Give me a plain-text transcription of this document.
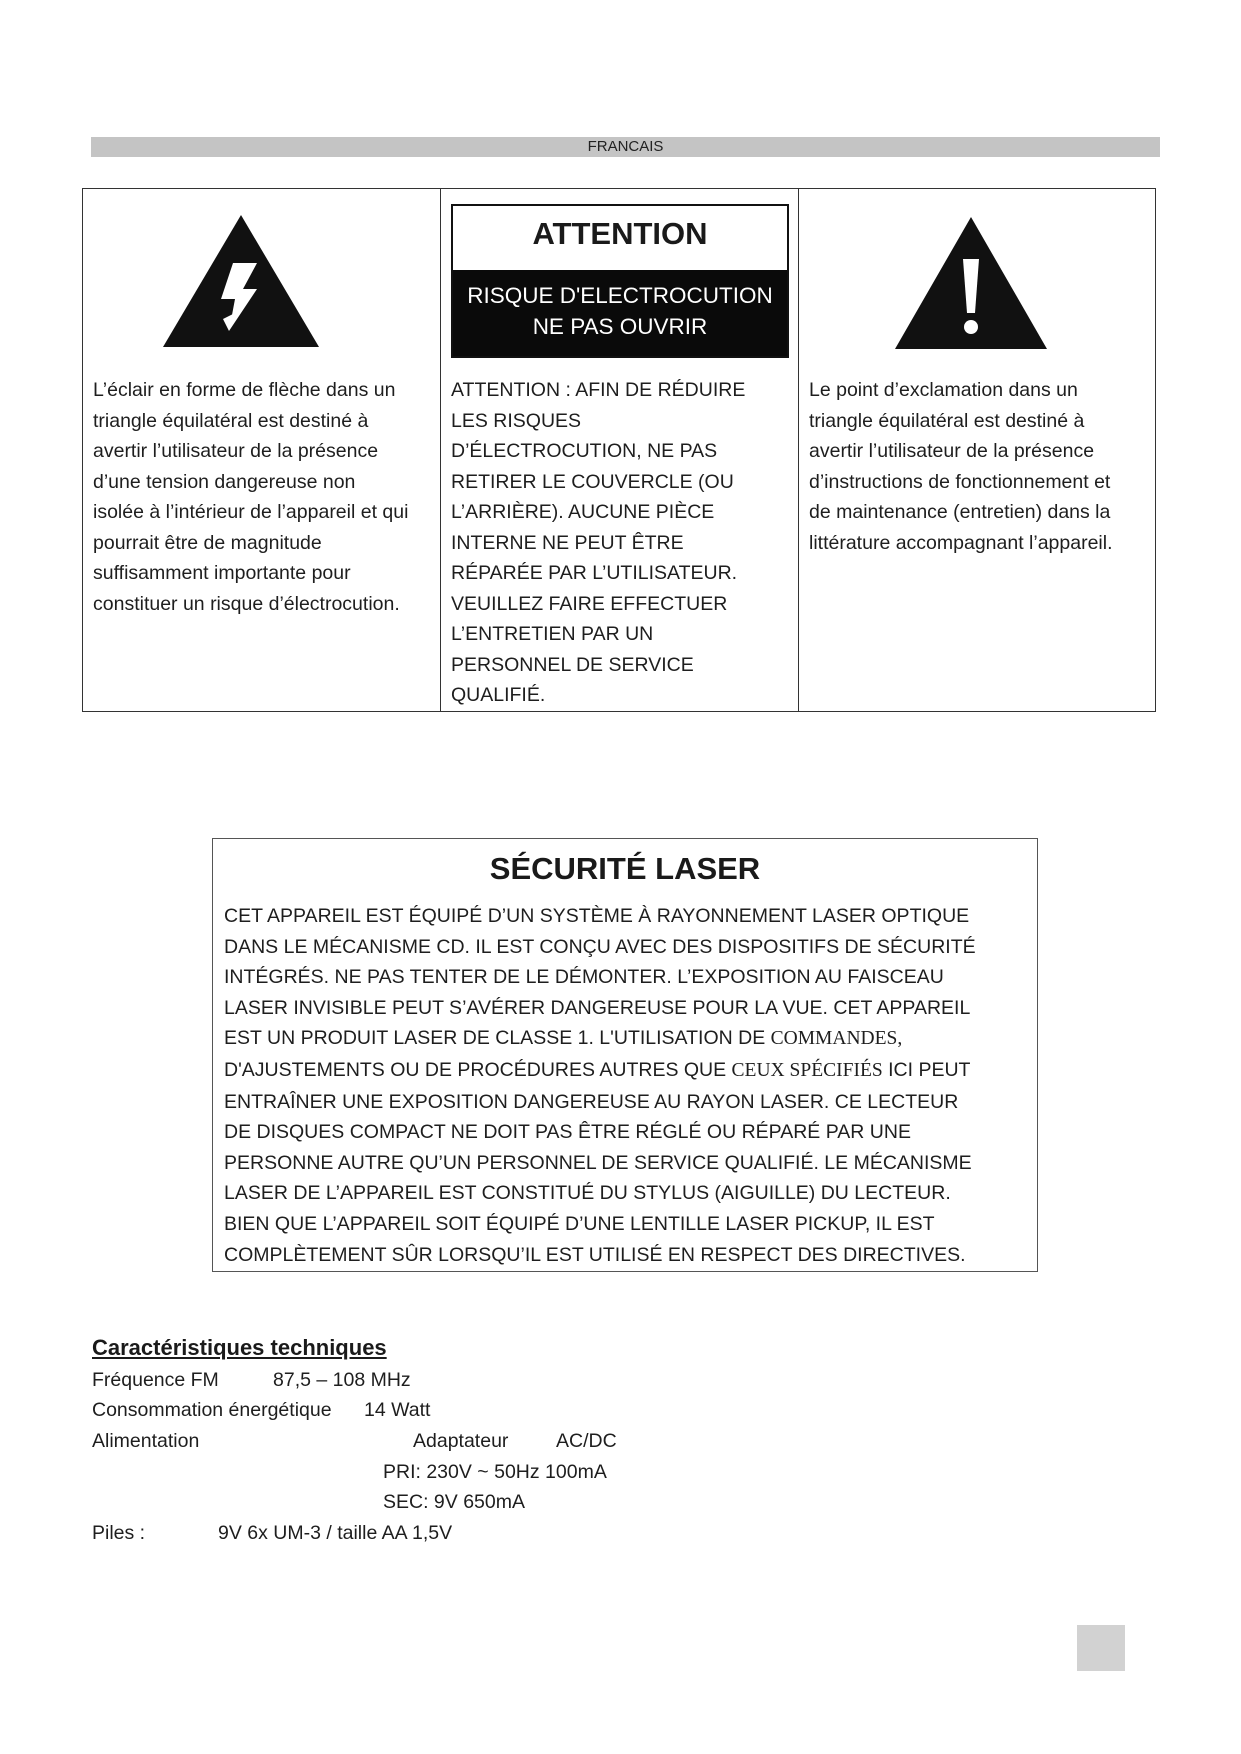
FRANCAIS
L’éclair en forme de flèche dans un
triangle équilatéral est destiné à
avertir l’utilisateur de la présence
d’une tension dangereuse non
isolée à l’intérieur de l’appareil et qui
pourrait être de magnitude
suffisamment importante pour
constituer un risque d’électrocution.
ATTENTION
RISQUE D'ELECTROCUTION
NE PAS OUVRIR
ATTENTION : AFIN DE RÉDUIRE
LES RISQUES
D’ÉLECTROCUTION, NE PAS
RETIRER LE COUVERCLE (OU
L’ARRIÈRE). AUCUNE PIÈCE
INTERNE NE PEUT ÊTRE
RÉPARÉE PAR L’UTILISATEUR.
VEUILLEZ FAIRE EFFECTUER
L’ENTRETIEN PAR UN
PERSONNEL DE SERVICE
QUALIFIÉ.
Le point d’exclamation dans un
triangle équilatéral est destiné à
avertir l’utilisateur de la présence
d’instructions de fonctionnement et
de maintenance (entretien) dans la
littérature accompagnant l’appareil.
SÉCURITÉ LASER
CET APPAREIL EST ÉQUIPÉ D’UN SYSTÈME À RAYONNEMENT LASER OPTIQUE
DANS LE MÉCANISME CD. IL EST CONÇU AVEC DES DISPOSITIFS DE SÉCURITÉ
INTÉGRÉS. NE PAS TENTER DE LE DÉMONTER. L’EXPOSITION AU FAISCEAU
LASER INVISIBLE PEUT S’AVÉRER DANGEREUSE POUR LA VUE. CET APPAREIL
EST UN PRODUIT LASER DE CLASSE 1. L'UTILISATION DE COMMANDES,
D'AJUSTEMENTS OU DE PROCÉDURES AUTRES QUE CEUX SPÉCIFIÉS ICI PEUT
ENTRAÎNER UNE EXPOSITION DANGEREUSE AU RAYON LASER. CE LECTEUR
DE DISQUES COMPACT NE DOIT PAS ÊTRE RÉGLÉ OU RÉPARÉ PAR UNE
PERSONNE AUTRE QU’UN PERSONNEL DE SERVICE QUALIFIÉ. LE MÉCANISME
LASER DE L’APPAREIL EST CONSTITUÉ DU STYLUS (AIGUILLE) DU LECTEUR.
BIEN QUE L’APPAREIL SOIT ÉQUIPÉ D’UNE LENTILLE LASER PICKUP, IL EST
COMPLÈTEMENT SÛR LORSQU’IL EST UTILISÉ EN RESPECT DES DIRECTIVES.
Caractéristiques techniques
Fréquence FM	87,5 – 108 MHz
Consommation énergétique 14 Watt
Alimentation	Adaptateur AC/DC
PRI: 230V ~ 50Hz 100mA
SEC: 9V 650mA
Piles :	9V 6x UM-3 / taille AA 1,5V
